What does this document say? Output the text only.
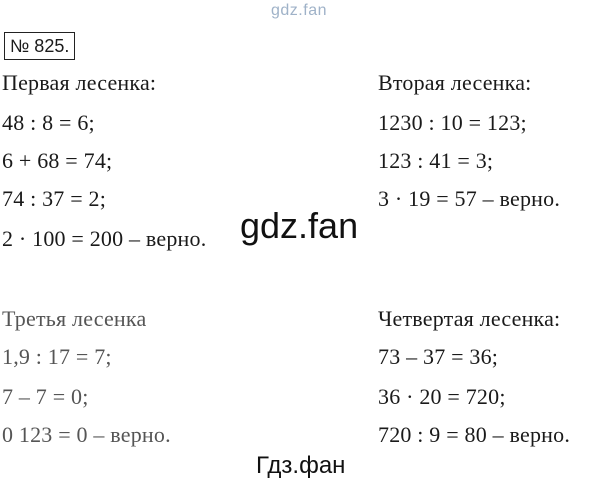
gdz.fan
№ 825.
Первая лесенка:
48 : 8 = 6;
6 + 68 = 74;
74 : 37 = 2;
2 · 100 = 200 – верно.
Вторая лесенка:
1230 : 10 = 123;
123 : 41 = 3;
3 · 19 = 57 – верно.
gdz.fan
Третья лесенка
1,9 : 17 = 7;
7 – 7 = 0;
0 123 = 0 – верно.
Четвертая лесенка:
73 – 37 = 36;
36 · 20 = 720;
720 : 9 = 80 – верно.
Гдз.фан
